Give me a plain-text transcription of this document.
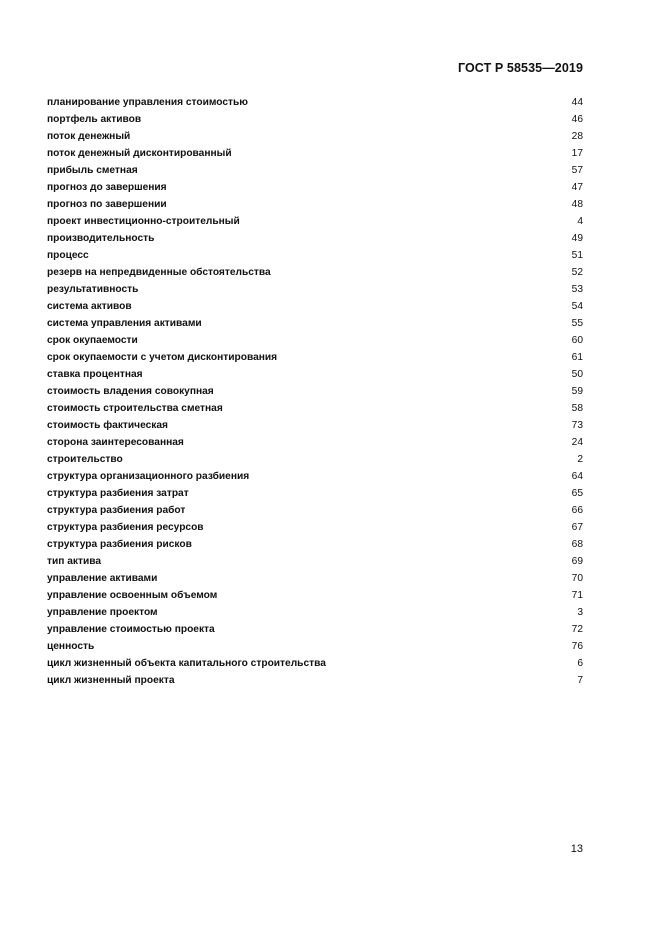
ГОСТ Р 58535—2019
планирование управления стоимостью	44
портфель активов	46
поток денежный	28
поток денежный дисконтированный	17
прибыль сметная	57
прогноз до завершения	47
прогноз по завершении	48
проект инвестиционно-строительный	4
производительность	49
процесс	51
резерв на непредвиденные обстоятельства	52
результативность	53
система активов	54
система управления активами	55
срок окупаемости	60
срок окупаемости с учетом дисконтирования	61
ставка процентная	50
стоимость владения совокупная	59
стоимость строительства сметная	58
стоимость фактическая	73
сторона заинтересованная	24
строительство	2
структура организационного разбиения	64
структура разбиения затрат	65
структура разбиения работ	66
структура разбиения ресурсов	67
структура разбиения рисков	68
тип актива	69
управление активами	70
управление освоенным объемом	71
управление проектом	3
управление стоимостью проекта	72
ценность	76
цикл жизненный объекта капитального строительства	6
цикл жизненный проекта	7
13
